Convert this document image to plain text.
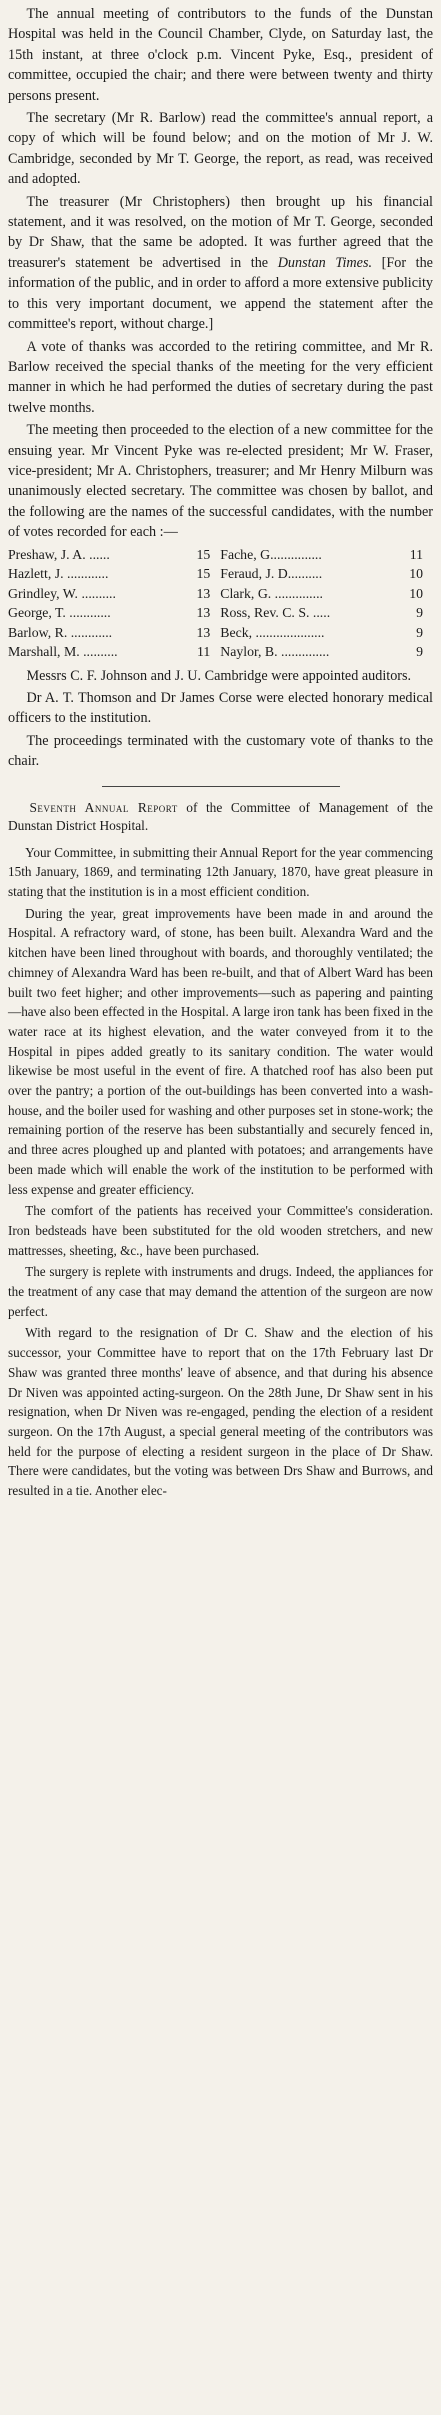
The annual meeting of contributors to the funds of the Dunstan Hospital was held in the Council Chamber, Clyde, on Saturday last, the 15th instant, at three o'clock p.m. Vincent Pyke, Esq., president of committee, occupied the chair; and there were between twenty and thirty persons present.

The secretary (Mr R. Barlow) read the committee's annual report, a copy of which will be found below; and on the motion of Mr J. W. Cambridge, seconded by Mr T. George, the report, as read, was received and adopted.

The treasurer (Mr Christophers) then brought up his financial statement, and it was resolved, on the motion of Mr T. George, seconded by Dr Shaw, that the same be adopted. It was further agreed that the treasurer's statement be advertised in the Dunstan Times. [For the information of the public, and in order to afford a more extensive publicity to this very important document, we append the statement after the committee's report, without charge.]

A vote of thanks was accorded to the retiring committee, and Mr R. Barlow received the special thanks of the meeting for the very efficient manner in which he had performed the duties of secretary during the past twelve months.

The meeting then proceeded to the election of a new committee for the ensuing year. Mr Vincent Pyke was re-elected president; Mr W. Fraser, vice-president; Mr A. Christophers, treasurer; and Mr Henry Milburn was unanimously elected secretary. The committee was chosen by ballot, and the following are the names of the successful candidates, with the number of votes recorded for each :—

Preshaw, J. A. ......	15	Fache, G...............	11
Hazlett, J. ............	15	Feraud, J. D..........	10
Grindley, W. ..........	13	Clark, G. ..............	10
George, T. ............	13	Ross, Rev. C. S. .....	9
Barlow, R. ............	13	Beck, ....................	9
Marshall, M. ..........	11	Naylor, B. ..............	9

Messrs C. F. Johnson and J. U. Cambridge were appointed auditors.

Dr A. T. Thomson and Dr James Corse were elected honorary medical officers to the institution.

The proceedings terminated with the customary vote of thanks to the chair.

Seventh Annual Report of the Committee of Management of the Dunstan District Hospital.

Your Committee, in submitting their Annual Report for the year commencing 15th January, 1869, and terminating 12th January, 1870, have great pleasure in stating that the institution is in a most efficient condition.

During the year, great improvements have been made in and around the Hospital. A refractory ward, of stone, has been built. Alexandra Ward and the kitchen have been lined throughout with boards, and thoroughly ventilated; the chimney of Alexandra Ward has been re-built, and that of Albert Ward has been built two feet higher; and other improvements—such as papering and painting—have also been effected in the Hospital. A large iron tank has been fixed in the water race at its highest elevation, and the water conveyed from it to the Hospital in pipes added greatly to its sanitary condition. The water would likewise be most useful in the event of fire. A thatched roof has also been put over the pantry; a portion of the out-buildings has been converted into a wash-house, and the boiler used for washing and other purposes set in stone-work; the remaining portion of the reserve has been substantially and securely fenced in, and three acres ploughed up and planted with potatoes; and arrangements have been made which will enable the work of the institution to be performed with less expense and greater efficiency.

The comfort of the patients has received your Committee's consideration. Iron bedsteads have been substituted for the old wooden stretchers, and new mattresses, sheeting, &c., have been purchased.

The surgery is replete with instruments and drugs. Indeed, the appliances for the treatment of any case that may demand the attention of the surgeon are now perfect.

With regard to the resignation of Dr C. Shaw and the election of his successor, your Committee have to report that on the 17th February last Dr Shaw was granted three months' leave of absence, and that during his absence Dr Niven was appointed acting-surgeon. On the 28th June, Dr Shaw sent in his resignation, when Dr Niven was re-engaged, pending the election of a resident surgeon. On the 17th August, a special general meeting of the contributors was held for the purpose of electing a resident surgeon in the place of Dr Shaw. There were candidates, but the voting was between Drs Shaw and Burrows, and resulted in a tie. Another elec-
